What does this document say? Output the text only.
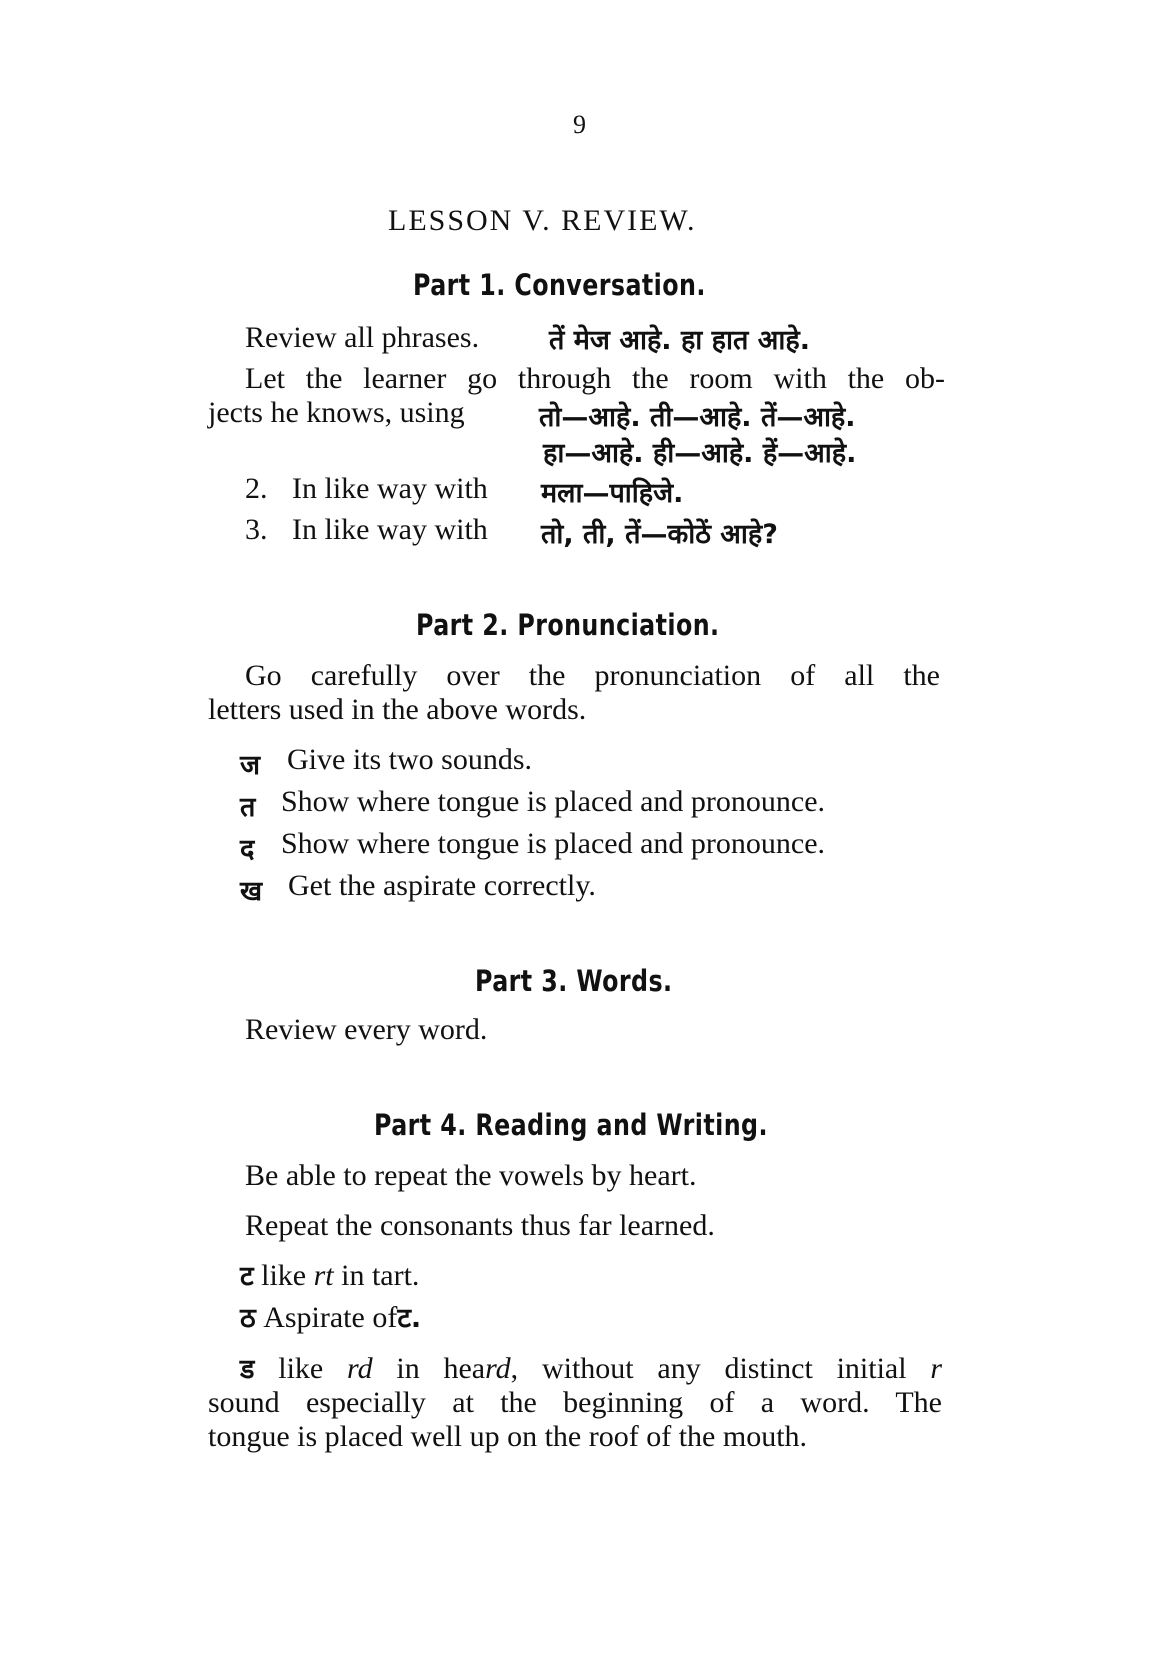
9
LESSON V. REVIEW.
Part 1. Conversation.
Review all phrases.	तें मेज आहे. हा हात आहे.
Let the learner go through the room with the ob-
jects he knows, using	तो—आहे. ती—आहे. तें—आहे.
हा—आहे. ही—आहे. हें—आहे.
2. In like way with मला—पाहिजे.
3. In like way with तो, ती, तें—कोठें आहे?
Part 2. Pronunciation.
Go carefully over the pronunciation of all the
letters used in the above words.
ज Give its two sounds.
त Show where tongue is placed and pronounce.
द Show where tongue is placed and pronounce.
ख Get the aspirate correctly.
Part 3. Words.
Review every word.
Part 4. Reading and Writing.
Be able to repeat the vowels by heart.
Repeat the consonants thus far learned.
ट like rt in tart.
ठ Aspirate ofट.
ड like rd in heard, without any distinct initial r
sound especially at the beginning of a word. The
tongue is placed well up on the roof of the mouth.
